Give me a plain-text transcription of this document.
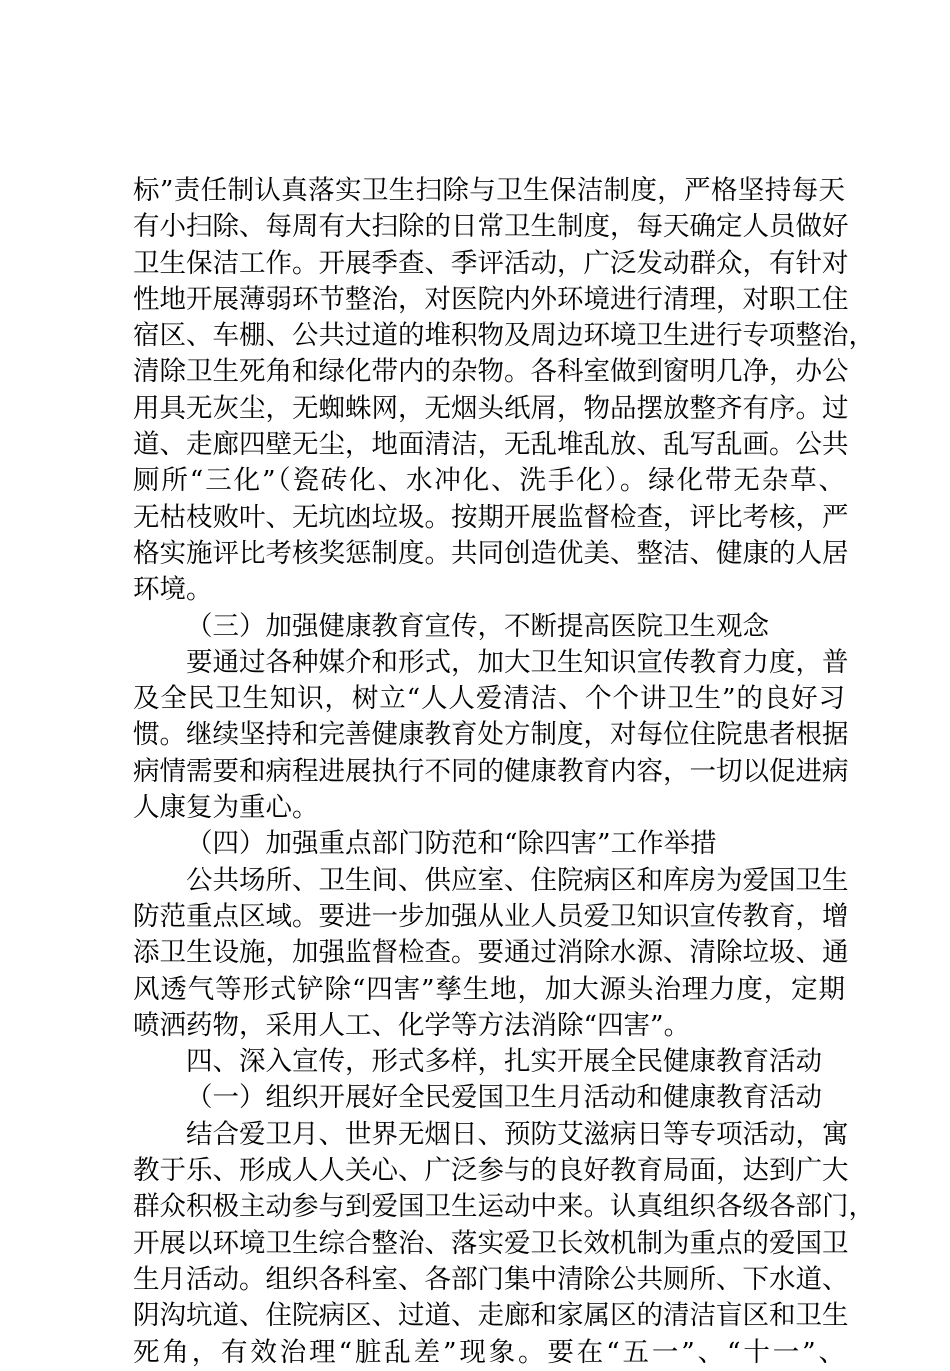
标”责任制认真落实卫生扫除与卫生保洁制度，严格坚持每天
有小扫除、每周有大扫除的日常卫生制度，每天确定人员做好
卫生保洁工作。开展季查、季评活动，广泛发动群众，有针对
性地开展薄弱环节整治，对医院内外环境进行清理，对职工住
宿区、车棚、公共过道的堆积物及周边环境卫生进行专项整治，
清除卫生死角和绿化带内的杂物。各科室做到窗明几净，办公
用具无灰尘，无蜘蛛网，无烟头纸屑，物品摆放整齐有序。过
道、走廊四壁无尘，地面清洁，无乱堆乱放、乱写乱画。公共
厕所“三化”（瓷砖化、水冲化、洗手化）。绿化带无杂草、
无枯枝败叶、无坑凼垃圾。按期开展监督检查，评比考核，严
格实施评比考核奖惩制度。共同创造优美、整洁、健康的人居
环境。
（三）加强健康教育宣传，不断提高医院卫生观念
要通过各种媒介和形式，加大卫生知识宣传教育力度，普
及全民卫生知识，树立“人人爱清洁、个个讲卫生”的良好习
惯。继续坚持和完善健康教育处方制度，对每位住院患者根据
病情需要和病程进展执行不同的健康教育内容，一切以促进病
人康复为重心。
（四）加强重点部门防范和“除四害”工作举措
公共场所、卫生间、供应室、住院病区和库房为爱国卫生
防范重点区域。要进一步加强从业人员爱卫知识宣传教育，增
添卫生设施，加强监督检查。要通过消除水源、清除垃圾、通
风透气等形式铲除“四害”孳生地，加大源头治理力度，定期
喷洒药物，采用人工、化学等方法消除“四害”。
四、深入宣传，形式多样，扎实开展全民健康教育活动
（一）组织开展好全民爱国卫生月活动和健康教育活动
结合爱卫月、世界无烟日、预防艾滋病日等专项活动，寓
教于乐、形成人人关心、广泛参与的良好教育局面，达到广大
群众积极主动参与到爱国卫生运动中来。认真组织各级各部门，
开展以环境卫生综合整治、落实爱卫长效机制为重点的爱国卫
生月活动。组织各科室、各部门集中清除公共厕所、下水道、
阴沟坑道、住院病区、过道、走廊和家属区的清洁盲区和卫生
死角，有效治理“脏乱差”现象。要在“五一”、“十一”、
